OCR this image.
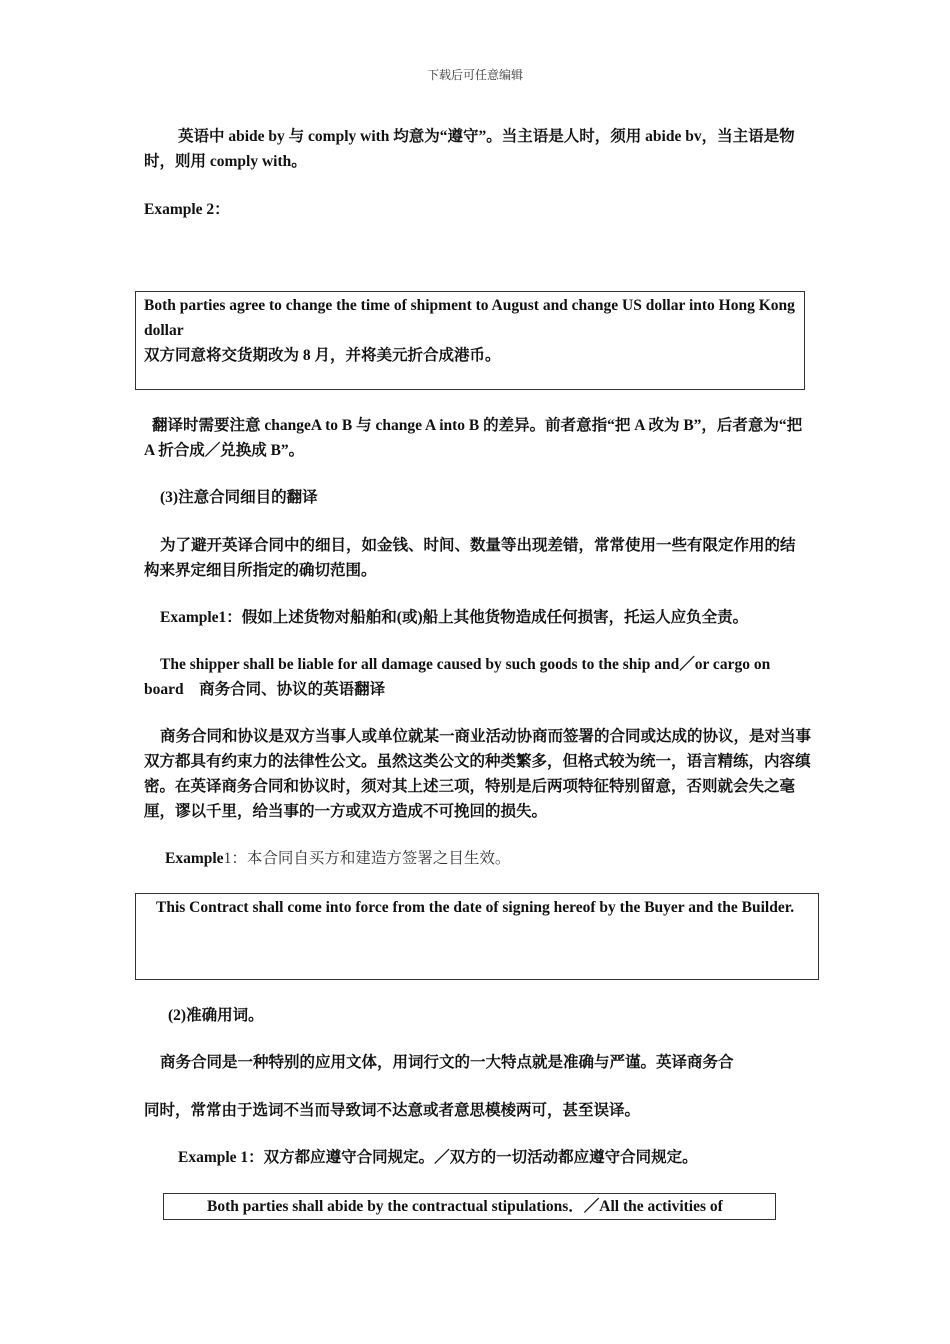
下载后可任意编辑

英语中 abide by 与 comply with 均意为“遵守”。当主语是人时，须用 abide bv，当主语是物时，则用 comply with。

Example 2：

Both parties agree to change the time of shipment to August and change US dollar into Hong Kong dollar

双方同意将交货期改为 8 月，并将美元折合成港币。

翻译时需要注意 changeA to B 与 change A into B 的差异。前者意指“把 A 改为 B”，后者意为“把 A 折合成／兑换成 B”。

(3)注意合同细目的翻译

为了避开英译合同中的细目，如金钱、时间、数量等出现差错，常常使用一些有限定作用的结构来界定细目所指定的确切范围。

Example1：假如上述货物对船舶和(或)船上其他货物造成任何损害，托运人应负全责。

The shipper shall be liable for all damage caused by such goods to the ship and／or cargo on board　商务合同、协议的英语翻译

商务合同和协议是双方当事人或单位就某一商业活动协商而签署的合同或达成的协议，是对当事双方都具有约束力的法律性公文。虽然这类公文的种类繁多，但格式较为统一，语言精练，内容缜密。在英译商务合同和协议时，须对其上述三项，特别是后两项特征特别留意，否则就会失之毫厘，谬以千里，给当事的一方或双方造成不可挽回的损失。

Example1：本合同自买方和建造方签署之目生效。

This Contract shall come into force from the date of signing hereof by the Buyer and the Builder.

(2)准确用词。

商务合同是一种特别的应用文体，用词行文的一大特点就是准确与严谨。英译商务合

同时，常常由于选词不当而导致词不达意或者意思模棱两可，甚至误译。

Example 1：双方都应遵守合同规定。／双方的一切活动都应遵守合同规定。

Both parties shall abide by the contractual stipulations．／All the activities of
